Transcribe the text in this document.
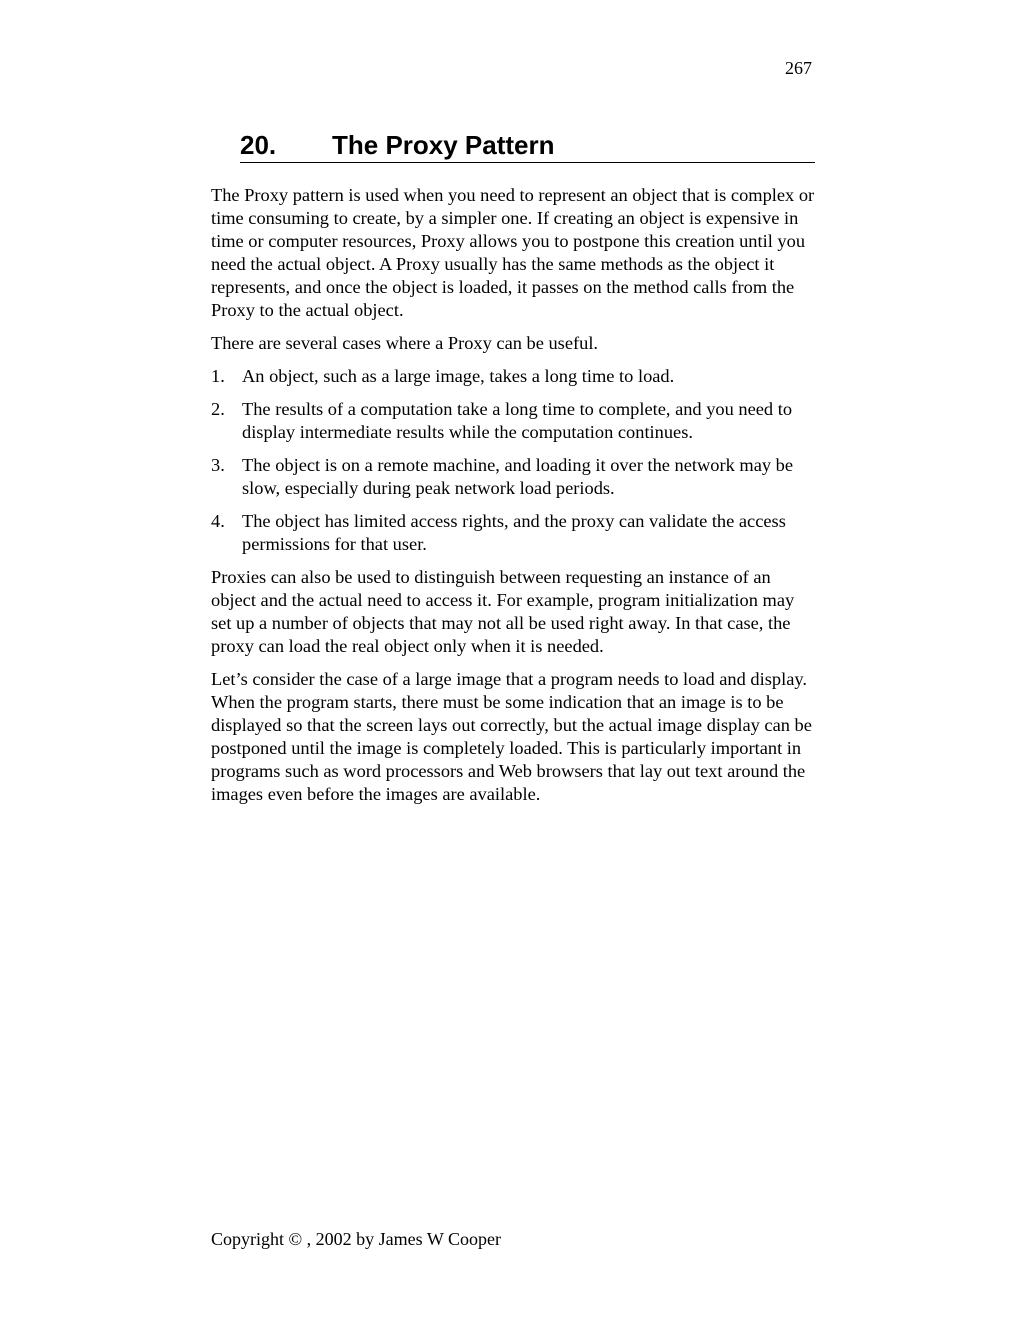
267
20. The Proxy Pattern

The Proxy pattern is used when you need to represent an object that is complex or time consuming to create, by a simpler one. If creating an object is expensive in time or computer resources, Proxy allows you to postpone this creation until you need the actual object. A Proxy usually has the same methods as the object it represents, and once the object is loaded, it passes on the method calls from the Proxy to the actual object.

There are several cases where a Proxy can be useful.

1. An object, such as a large image, takes a long time to load.
2. The results of a computation take a long time to complete, and you need to display intermediate results while the computation continues.
3. The object is on a remote machine, and loading it over the network may be slow, especially during peak network load periods.
4. The object has limited access rights, and the proxy can validate the access permissions for that user.

Proxies can also be used to distinguish between requesting an instance of an object and the actual need to access it. For example, program initialization may set up a number of objects that may not all be used right away. In that case, the proxy can load the real object only when it is needed.

Let’s consider the case of a large image that a program needs to load and display. When the program starts, there must be some indication that an image is to be displayed so that the screen lays out correctly, but the actual image display can be postponed until the image is completely loaded. This is particularly important in programs such as word processors and Web browsers that lay out text around the images even before the images are available.

Copyright © , 2002 by James W Cooper
